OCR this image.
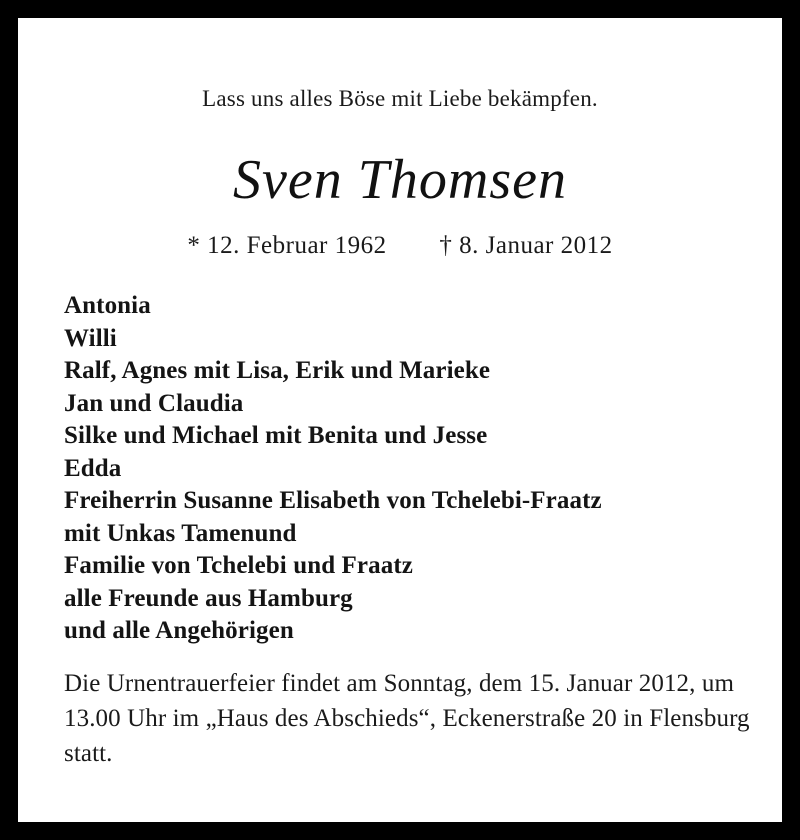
Lass uns alles Böse mit Liebe bekämpfen.
Sven Thomsen
* 12. Februar 1962 † 8. Januar 2012
Antonia
Willi
Ralf, Agnes mit Lisa, Erik und Marieke
Jan und Claudia
Silke und Michael mit Benita und Jesse
Edda
Freiherrin Susanne Elisabeth von Tchelebi-Fraatz
mit Unkas Tamenund
Familie von Tchelebi und Fraatz
alle Freunde aus Hamburg
und alle Angehörigen
Die Urnentrauerfeier findet am Sonntag, dem 15. Januar 2012, um 13.00 Uhr im „Haus des Abschieds“, Eckenerstraße 20 in Flensburg statt.
